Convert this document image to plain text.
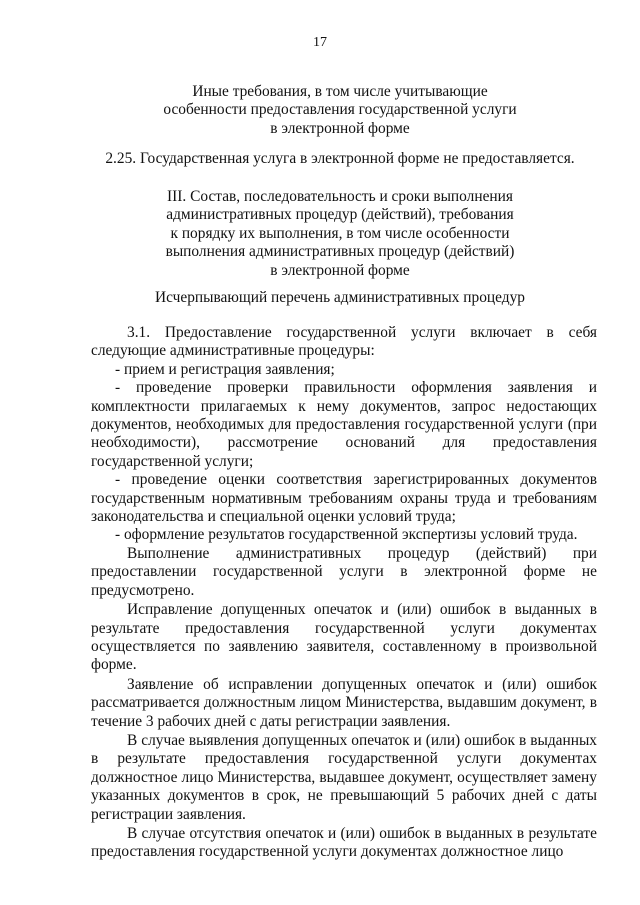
17
Иные требования, в том числе учитывающие
особенности предоставления государственной услуги
в электронной форме
2.25. Государственная услуга в электронной форме не предоставляется.
III. Состав, последовательность и сроки выполнения
административных процедур (действий), требования
к порядку их выполнения, в том числе особенности
выполнения административных процедур (действий)
в электронной форме
Исчерпывающий перечень административных процедур

3.1. Предоставление государственной услуги включает в себя следующие административные процедуры:

- прием и регистрация заявления;

- проведение проверки правильности оформления заявления и комплектности прилагаемых к нему документов, запрос недостающих документов, необходимых для предоставления государственной услуги (при необходимости), рассмотрение оснований для предоставления государственной услуги;

- проведение оценки соответствия зарегистрированных документов государственным нормативным требованиям охраны труда и требованиям законодательства и специальной оценки условий труда;

- оформление результатов государственной экспертизы условий труда.

Выполнение административных процедур (действий) при предоставлении государственной услуги в электронной форме не предусмотрено.

Исправление допущенных опечаток и (или) ошибок в выданных в результате предоставления государственной услуги документах осуществляется по заявлению заявителя, составленному в произвольной форме.

Заявление об исправлении допущенных опечаток и (или) ошибок рассматривается должностным лицом Министерства, выдавшим документ, в течение 3 рабочих дней с даты регистрации заявления.

В случае выявления допущенных опечаток и (или) ошибок в выданных в результате предоставления государственной услуги документах должностное лицо Министерства, выдавшее документ, осуществляет замену указанных документов в срок, не превышающий 5 рабочих дней с даты регистрации заявления.

В случае отсутствия опечаток и (или) ошибок в выданных в результате предоставления государственной услуги документах должностное лицо
